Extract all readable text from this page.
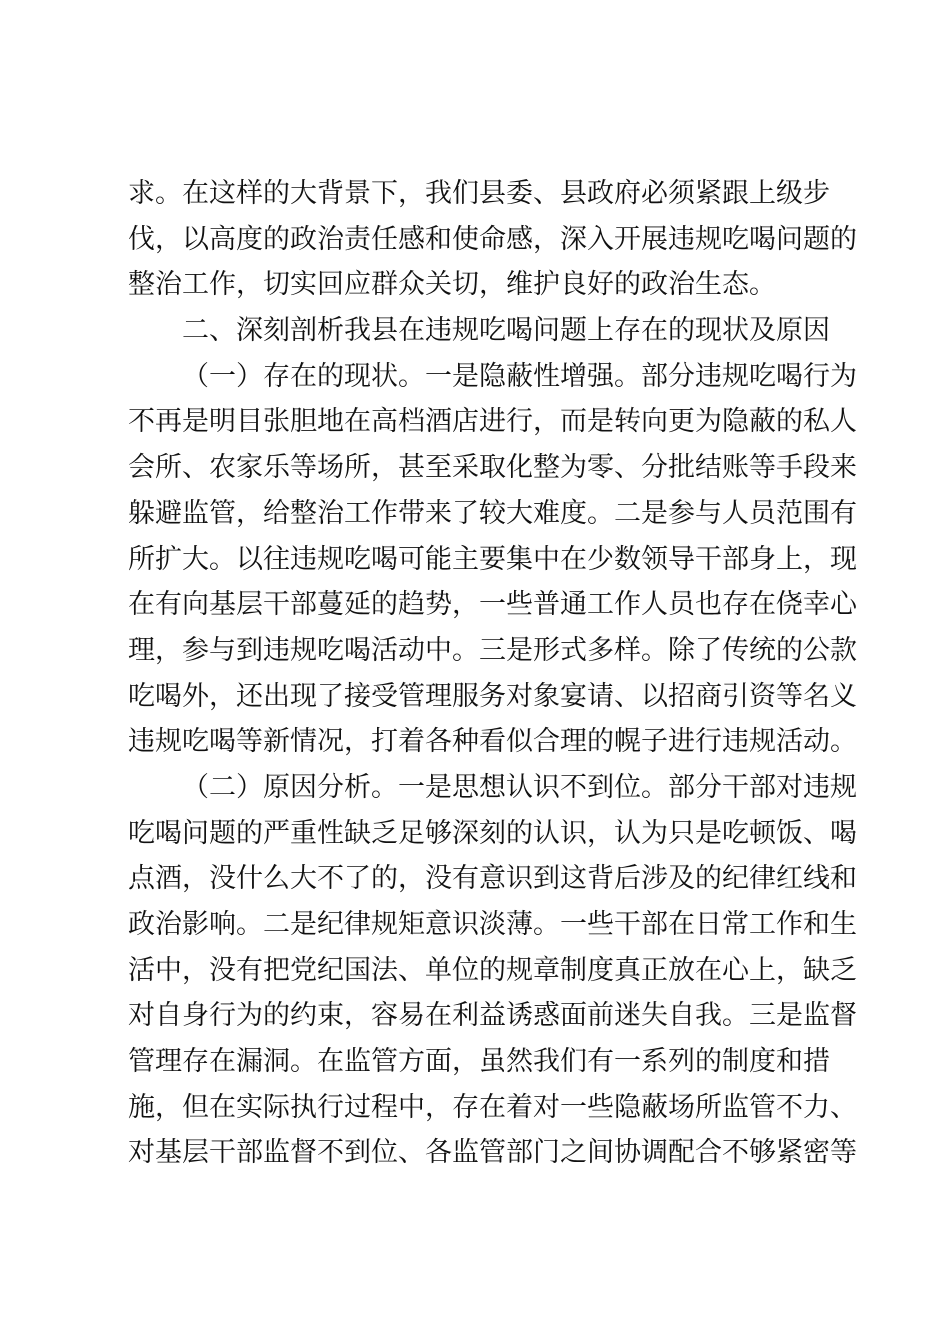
求。在这样的大背景下，我们县委、县政府必须紧跟上级步
伐，以高度的政治责任感和使命感，深入开展违规吃喝问题的
整治工作，切实回应群众关切，维护良好的政治生态。
二、深刻剖析我县在违规吃喝问题上存在的现状及原因
（一）存在的现状。一是隐蔽性增强。部分违规吃喝行为
不再是明目张胆地在高档酒店进行，而是转向更为隐蔽的私人
会所、农家乐等场所，甚至采取化整为零、分批结账等手段来
躲避监管，给整治工作带来了较大难度。二是参与人员范围有
所扩大。以往违规吃喝可能主要集中在少数领导干部身上，现
在有向基层干部蔓延的趋势，一些普通工作人员也存在侥幸心
理，参与到违规吃喝活动中。三是形式多样。除了传统的公款
吃喝外，还出现了接受管理服务对象宴请、以招商引资等名义
违规吃喝等新情况，打着各种看似合理的幌子进行违规活动。
（二）原因分析。一是思想认识不到位。部分干部对违规
吃喝问题的严重性缺乏足够深刻的认识，认为只是吃顿饭、喝
点酒，没什么大不了的，没有意识到这背后涉及的纪律红线和
政治影响。二是纪律规矩意识淡薄。一些干部在日常工作和生
活中，没有把党纪国法、单位的规章制度真正放在心上，缺乏
对自身行为的约束，容易在利益诱惑面前迷失自我。三是监督
管理存在漏洞。在监管方面，虽然我们有一系列的制度和措
施，但在实际执行过程中，存在着对一些隐蔽场所监管不力、
对基层干部监督不到位、各监管部门之间协调配合不够紧密等
